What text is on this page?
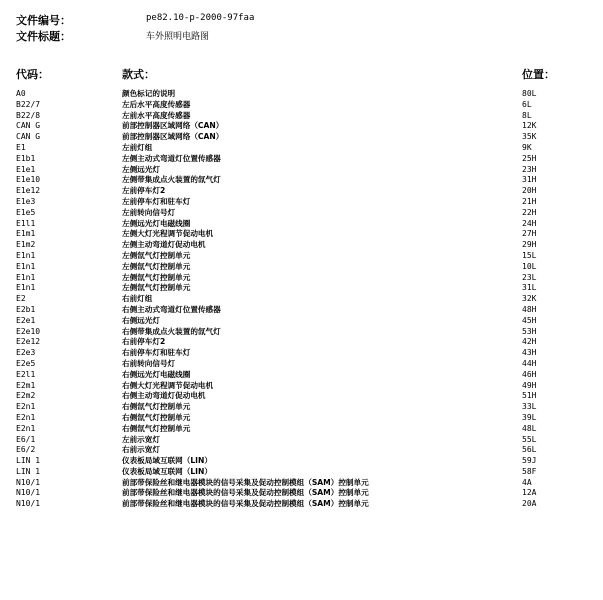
文件编号：	pe82.10-p-2000-97faa
文件标题：	车外照明电路图
代码：	款式：	位置：
A0	颜色标记的说明	80L
B22/7	左后水平高度传感器	6L
B22/8	左前水平高度传感器	8L
CAN G	前部控制器区域网络（CAN）	12K
CAN G	前部控制器区域网络（CAN）	35K
E1	左前灯组	9K
E1b1	左侧主动式弯道灯位置传感器	25H
E1e1	左侧远光灯	23H
E1e10	左侧带集成点火装置的氙气灯	31H
E1e12	左前停车灯2	20H
E1e3	左前停车灯和驻车灯	21H
E1e5	左前转向信号灯	22H
E1l1	左侧远光灯电磁线圈	24H
E1m1	左侧大灯光程调节促动电机	27H
E1m2	左侧主动弯道灯促动电机	29H
E1n1	左侧氙气灯控制单元	15L
E1n1	左侧氙气灯控制单元	10L
E1n1	左侧氙气灯控制单元	23L
E1n1	左侧氙气灯控制单元	31L
E2	右前灯组	32K
E2b1	右侧主动式弯道灯位置传感器	48H
E2e1	右侧远光灯	45H
E2e10	右侧带集成点火装置的氙气灯	53H
E2e12	右前停车灯2	42H
E2e3	右前停车灯和驻车灯	43H
E2e5	右前转向信号灯	44H
E2l1	右侧远光灯电磁线圈	46H
E2m1	右侧大灯光程调节促动电机	49H
E2m2	右侧主动弯道灯促动电机	51H
E2n1	右侧氙气灯控制单元	33L
E2n1	右侧氙气灯控制单元	39L
E2n1	右侧氙气灯控制单元	48L
E6/1	左前示宽灯	55L
E6/2	右前示宽灯	56L
LIN 1	仪表板局域互联网（LIN）	59J
LIN 1	仪表板局域互联网（LIN）	58F
N10/1	前部带保险丝和继电器模块的信号采集及促动控制模组（SAM）控制单元	4A
N10/1	前部带保险丝和继电器模块的信号采集及促动控制模组（SAM）控制单元	12A
N10/1	前部带保险丝和继电器模块的信号采集及促动控制模组（SAM）控制单元	20A
